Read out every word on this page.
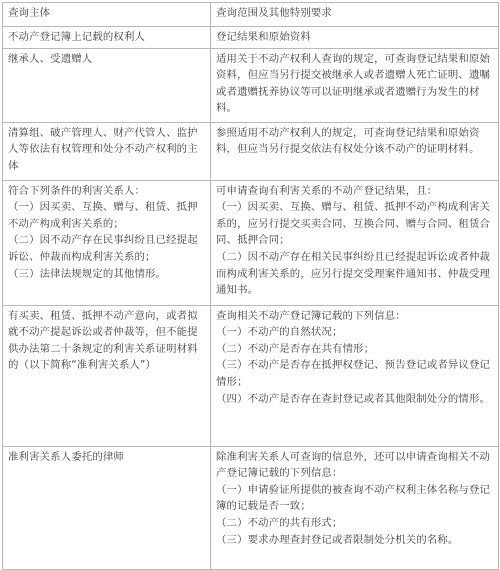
查询主体	查询范围及其他特别要求

不动产登记簿上记载的权利人	登记结果和原始资料

继承人、受遗赠人	适用关于不动产权利人查询的规定，可查询登记结果和原始资料，但应当另行提交被继承人或者遗赠人死亡证明、遗嘱或者遗赠抚养协议等可以证明继承或者遗赠行为发生的材料。

清算组、破产管理人、财产代管人、监护人等依法有权管理和处分不动产权利的主体	参照适用不动产权利人的规定，可查询登记结果和原始资料，但应当另行提交依法有权处分该不动产的证明材料。

符合下列条件的利害关系人：
（一）因买卖、互换、赠与、租赁、抵押不动产构成利害关系的；
（二）因不动产存在民事纠纷且已经提起诉讼、仲裁而构成利害关系的；
（三）法律法规规定的其他情形。	可申请查询有利害关系的不动产登记结果，且：
（一）因买卖、互换、赠与、租赁、抵押不动产构成利害关系的，应另行提交买卖合同、互换合同、赠与合同、租赁合同、抵押合同；
（二）因不动产存在相关民事纠纷且已经提起诉讼或者仲裁而构成利害关系的，应另行提交受理案件通知书、仲裁受理通知书。

有买卖、租赁、抵押不动产意向，或者拟就不动产提起诉讼或者仲裁等，但不能提供办法第二十条规定的利害关系证明材料的（以下简称“准利害关系人”）	查询相关不动产登记簿记载的下列信息：
（一）不动产的自然状况；
（二）不动产是否存在共有情形；
（三）不动产是否存在抵押权登记、预告登记或者异议登记情形；
（四）不动产是否存在查封登记或者其他限制处分的情形。

准利害关系人委托的律师	除准利害关系人可查询的信息外，还可以申请查询相关不动产登记簿记载的下列信息：
（一）申请验证所提供的被查询不动产权利主体名称与登记簿的记载是否一致；
（二）不动产的共有形式；
（三）要求办理查封登记或者限制处分机关的名称。
